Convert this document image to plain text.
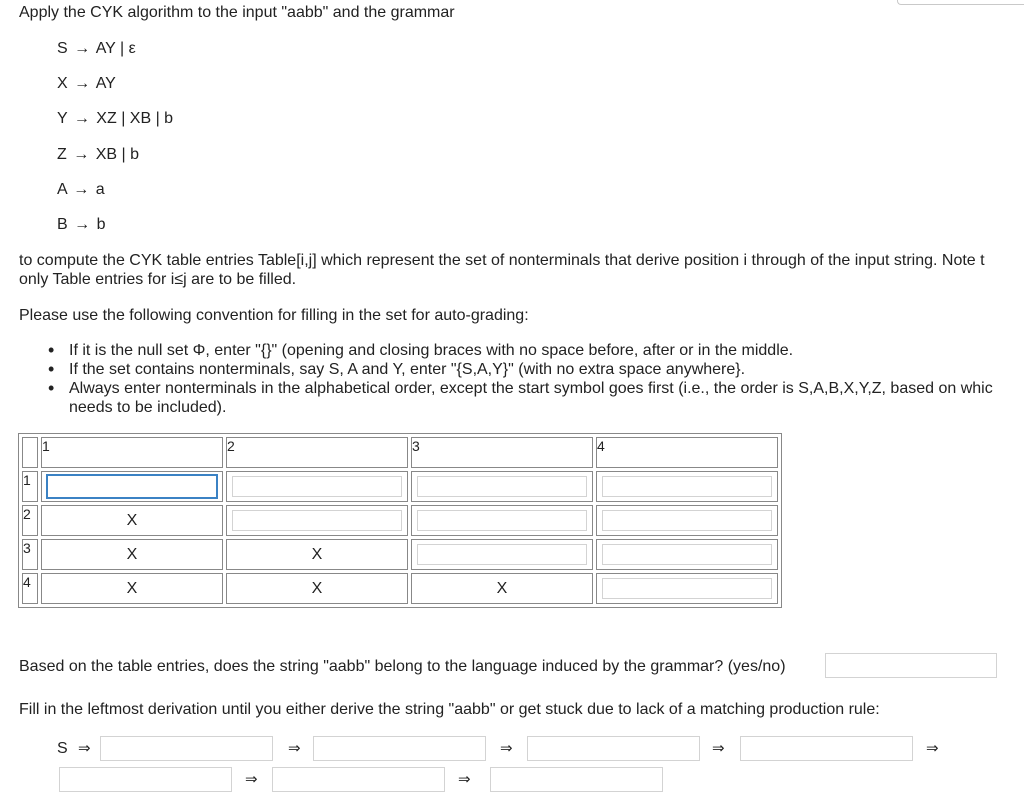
Apply the CYK algorithm to the input "aabb" and the grammar

S → AY | ε
X → AY
Y → XZ | XB | b
Z → XB | b
A → a
B → b

to compute the CYK table entries Table[i,j] which represent the set of nonterminals that derive position i through of the input string. Note t

only Table entries for i≤j are to be filled.

Please use the following convention for filling in the set for auto-grading:

• If it is the null set Φ, enter "{}" (opening and closing braces with no space before, after or in the middle.
• If the set contains nonterminals, say S, A and Y, enter "{S,A,Y}" (with no extra space anywhere}.
• Always enter nonterminals in the alphabetical order, except the start symbol goes first (i.e., the order is S,A,B,X,Y,Z, based on whic
needs to be included).
	1	2	3	4
1				
2	X			
3	X	X		
4	X	X	X	

Based on the table entries, does the string "aabb" belong to the language induced by the grammar? (yes/no)

Fill in the leftmost derivation until you either derive the string "aabb" or get stuck due to lack of a matching production rule:

S ⇒	⇒	⇒	⇒	⇒
⇒	⇒
